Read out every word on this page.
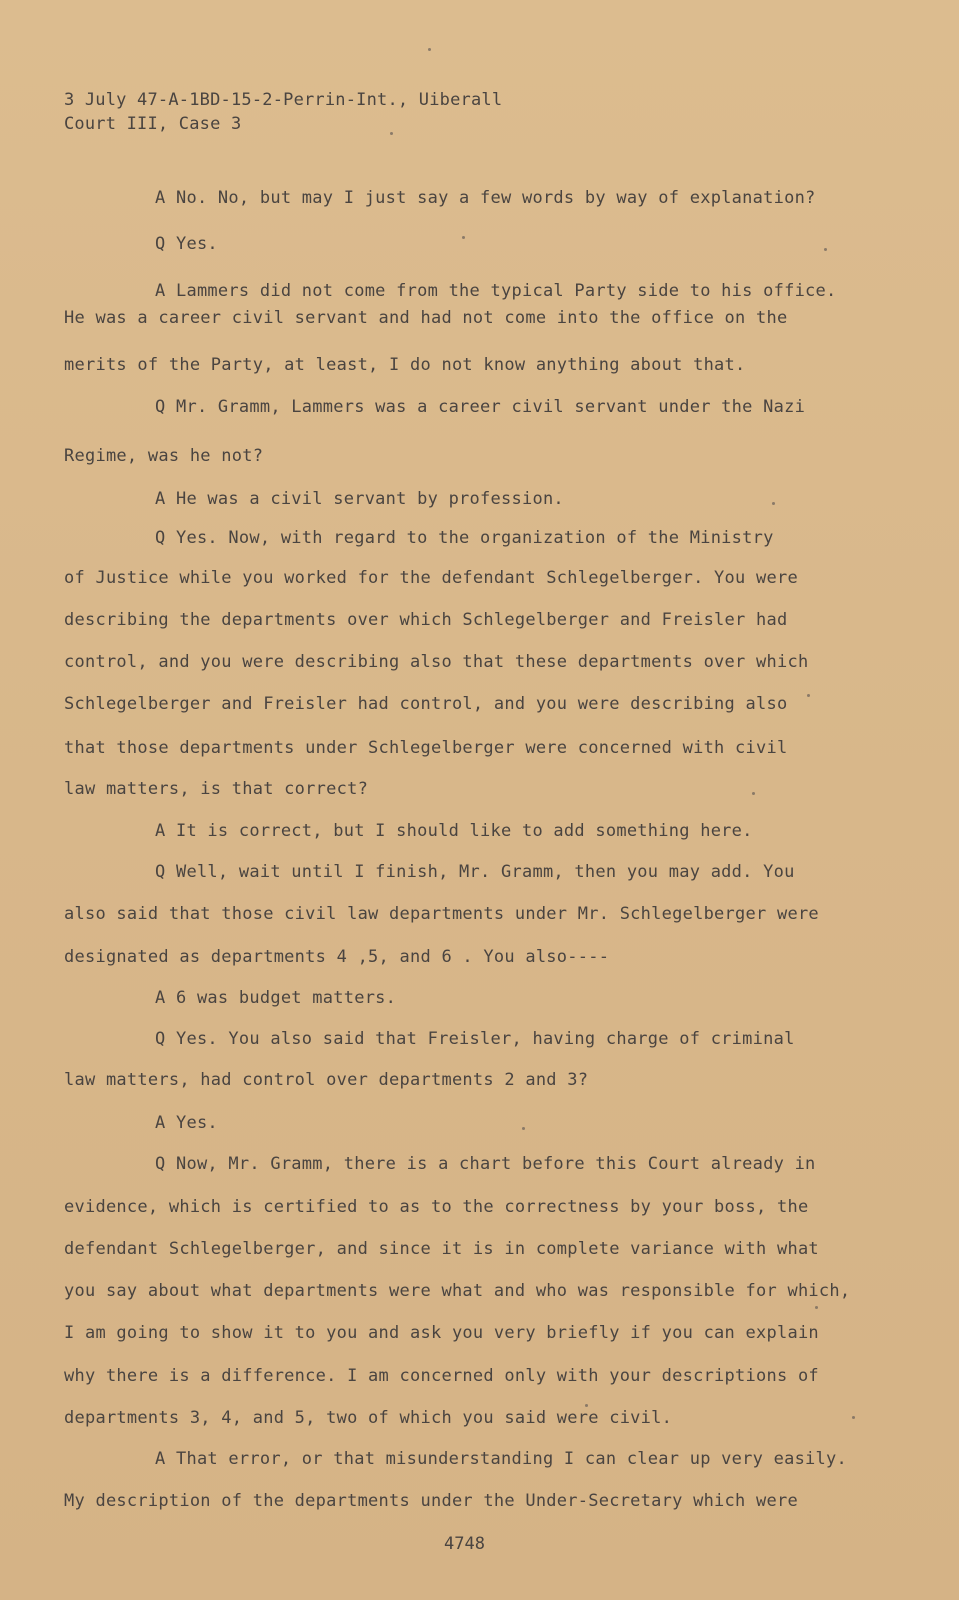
3 July 47-A-1BD-15-2-Perrin-Int., Uiberall
Court III, Case 3
A No. No, but may I just say a few words by way of explanation?
Q Yes.
A Lammers did not come from the typical Party side to his office.
He was a career civil servant and had not come into the office on the
merits of the Party, at least, I do not know anything about that.
Q Mr. Gramm, Lammers was a career civil servant under the Nazi
Regime, was he not?
A He was a civil servant by profession.
Q Yes. Now, with regard to the organization of the Ministry
of Justice while you worked for the defendant Schlegelberger. You were
describing the departments over which Schlegelberger and Freisler had
control, and you were describing also that these departments over which
Schlegelberger and Freisler had control, and you were describing also
that those departments under Schlegelberger were concerned with civil
law matters, is that correct?
A It is correct, but I should like to add something here.
Q Well, wait until I finish, Mr. Gramm, then you may add. You
also said that those civil law departments under Mr. Schlegelberger were
designated as departments 4 ,5, and 6 . You also----
A 6 was budget matters.
Q Yes. You also said that Freisler, having charge of criminal
law matters, had control over departments 2 and 3?
A Yes.
Q Now, Mr. Gramm, there is a chart before this Court already in
evidence, which is certified to as to the correctness by your boss, the
defendant Schlegelberger, and since it is in complete variance with what
you say about what departments were what and who was responsible for which,
I am going to show it to you and ask you very briefly if you can explain
why there is a difference. I am concerned only with your descriptions of
departments 3, 4, and 5, two of which you said were civil.
A That error, or that misunderstanding I can clear up very easily.
My description of the departments under the Under-Secretary which were
4748
